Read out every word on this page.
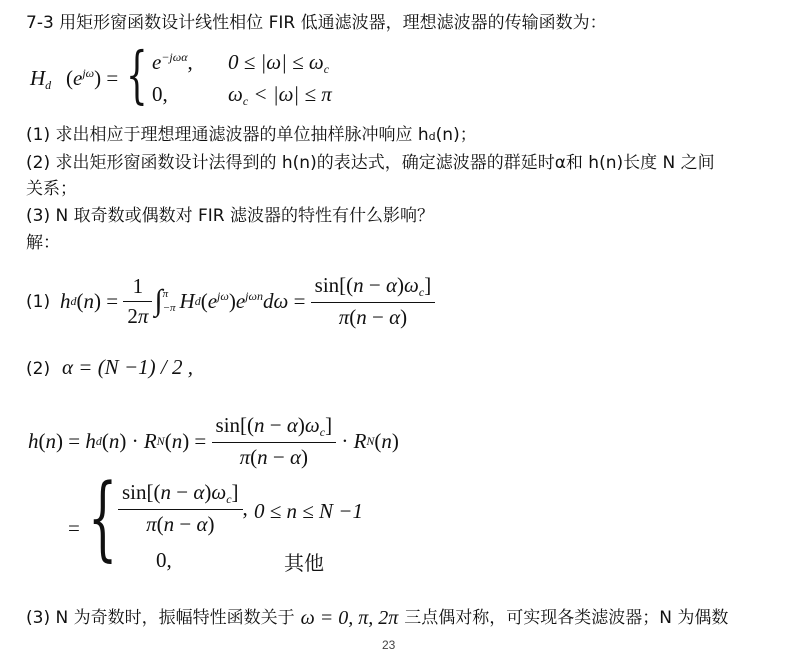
7-3 用矩形窗函数设计线性相位 FIR 低通滤波器，理想滤波器的传输函数为：
$H_d$ $(e^{j\omega})$ = { $e^{-j\omega\alpha}$, $0 \le |\omega| \le \omega_c$
0,	$\omega_c < |\omega| \le \pi$
(1) 求出相应于理想理通滤波器的单位抽样脉冲响应 hd(n)；
(2) 求出矩形窗函数设计法得到的 h(n)的表达式，确定滤波器的群延时α和 h(n)长度 N 之间
关系；
(3) N 取奇数或偶数对 FIR 滤波器的特性有什么影响？
解：
(1) h d $(n) = \frac{1}{2\pi}$ ∫ π
−π H d $(e^{j\omega})e^{j\omega n}d\omega = \frac{\sin[(n - \alpha)\omega_c]}{\pi(n - \alpha)}$
(2) α = (N −1) / 2 ,
h(n) = h d (n) · R N $(n) = \frac{\sin[(n - \alpha)\omega_c]}{\pi(n - \alpha)} \cdot R$ N (n)
= { $\frac{\sin[(n - \alpha)\omega_c]}{\pi(n - \alpha)}$ , 0 ≤ n ≤ N −1
0,	其他
(3) N 为奇数时，振幅特性函数关于 ω = 0, π, 2π 三点偶对称，可实现各类滤波器；N 为偶数
23
